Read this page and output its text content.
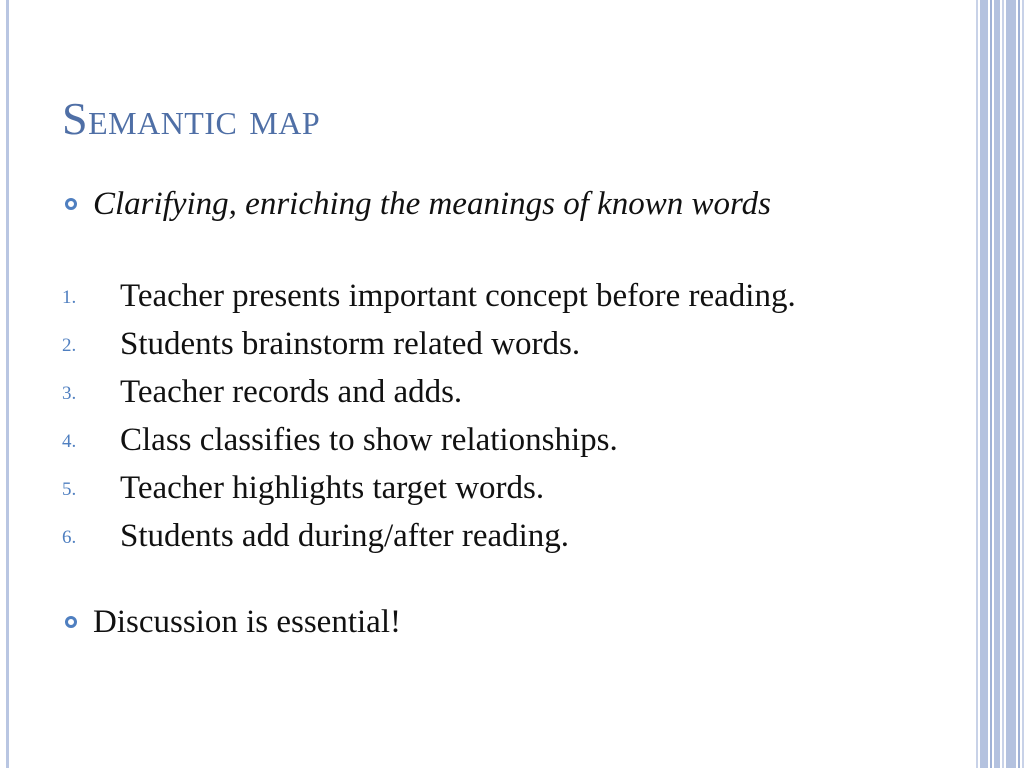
Semantic map
Clarifying, enriching the meanings of known words
1. Teacher presents important concept before reading.
2. Students brainstorm related words.
3. Teacher records and adds.
4. Class classifies to show relationships.
5. Teacher highlights target words.
6. Students add during/after reading.
Discussion is essential!
